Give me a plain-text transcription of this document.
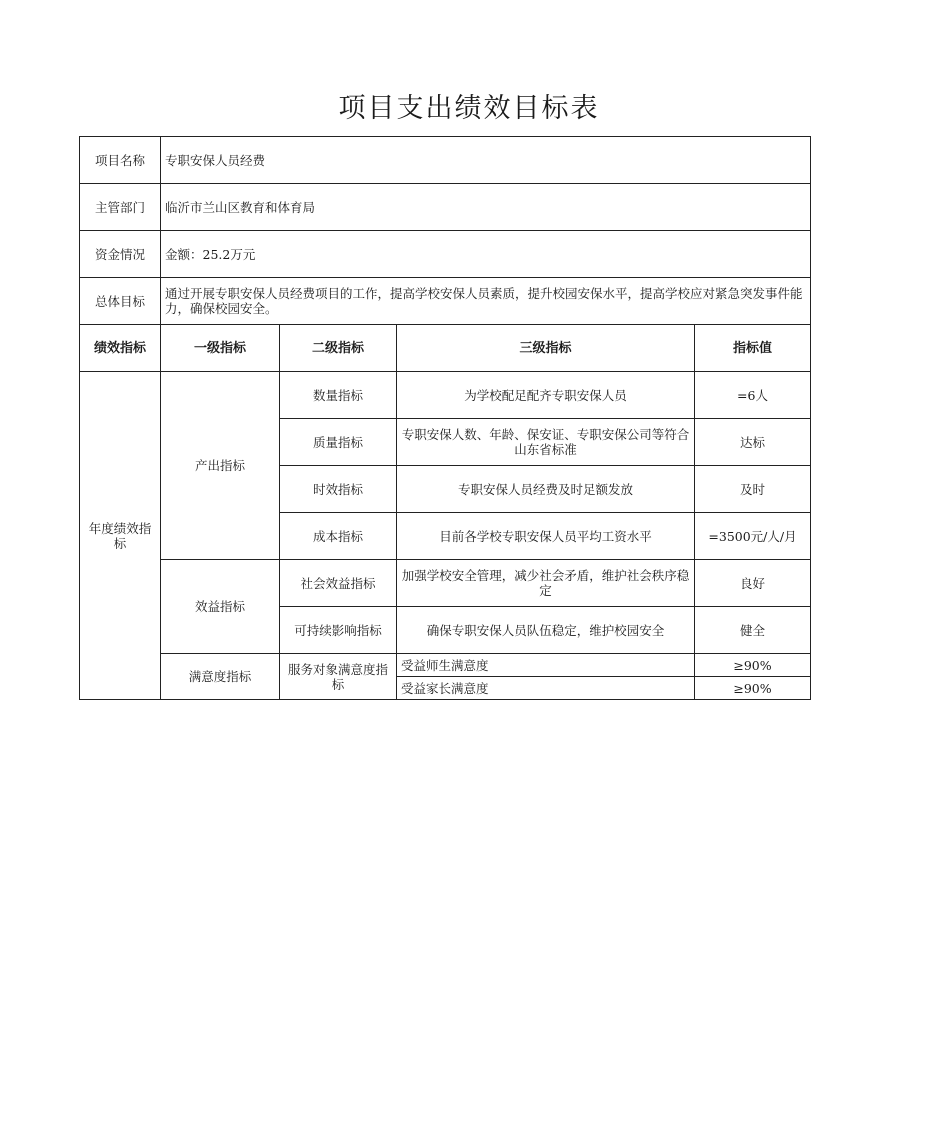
项目支出绩效目标表
项目名称	专职安保人员经费			
主管部门	临沂市兰山区教育和体育局			
资金情况	金额：25.2万元			
总体目标	通过开展专职安保人员经费项目的工作，提高学校安保人员素质，提升校园安保水平，提高学校应对紧急突发事件能力，确保校园安全。			
绩效指标	一级指标	二级指标	三级指标	指标值
年度绩效指标	产出指标	数量指标	为学校配足配齐专职安保人员	=6人
		质量指标	专职安保人数、年龄、保安证、专职安保公司等符合山东省标准	达标
		时效指标	专职安保人员经费及时足额发放	及时
		成本指标	目前各学校专职安保人员平均工资水平	=3500元/人/月
	效益指标	社会效益指标	加强学校安全管理，减少社会矛盾，维护社会秩序稳定	良好
		可持续影响指标	确保专职安保人员队伍稳定，维护校园安全	健全
	满意度指标	服务对象满意度指标	受益师生满意度	≥90%
			受益家长满意度	≥90%
